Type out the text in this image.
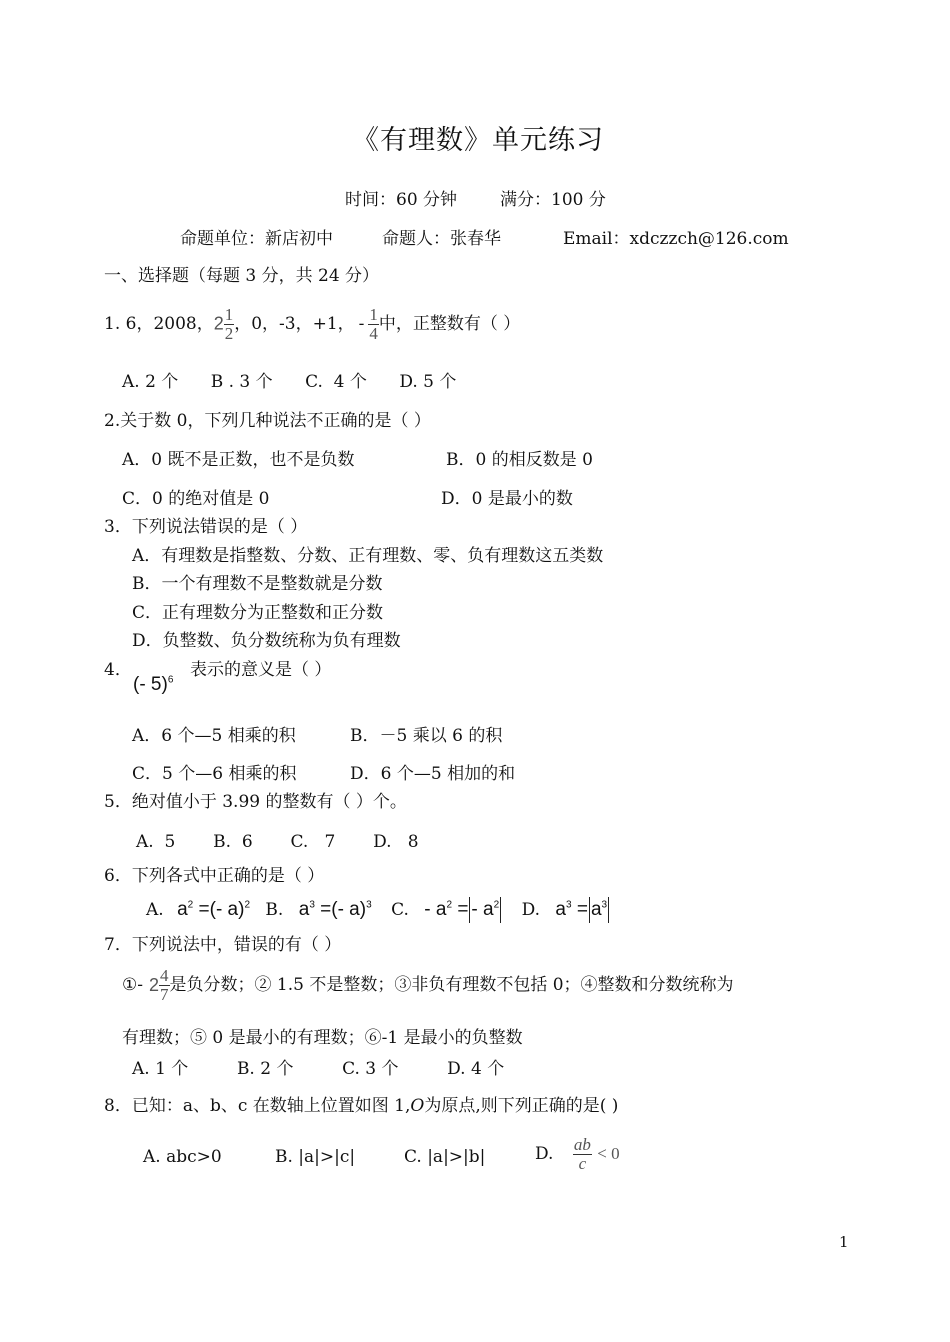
《有理数》单元练习
时间：60 分钟	满分：100 分
命题单位：新店初中	命题人：张春华	Email：xdczzch@126.com
一、选择题（每题 3 分，共 24 分）
1. 6，2008，$2 \frac{1}{2}$ ，0，-3，+1， - $\frac{1}{4}$ 中，正整数有（ ）
A. 2 个      B . 3 个      C.  4 个      D. 5 个
2.关于数 0，下列几种说法不正确的是（ ）
A．0 既不是正数，也不是负数	B．0 的相反数是 0
C．0 的绝对值是 0	D．0 是最小的数
3．下列说法错误的是（ ）
A．有理数是指整数、分数、正有理数、零、负有理数这五类数
B．一个有理数不是整数就是分数
C．正有理数分为正整数和正分数
D．负整数、负分数统称为负有理数
4．
(- 5)$^6$
表示的意义是（ ）
A．6 个—5 相乘的积	B．－5 乘以 6 的积
C．5 个—6 相乘的积	D．6 个—5 相加的和
5．绝对值小于 3.99 的整数有（ ）个。
A.  5       B.  6       C.   7       D.   8
6．下列各式中正确的是（ ）
A. $a^2$ =(- a)$^2$ B. $a^3$ =(- a)$^3$ C. - $a^2$ = - $a^2$ D. $a^3 = a^3$
7．下列说法中，错误的有（ ）
①- $2 \frac{4}{7}$ 是负分数；② 1.5 不是整数；③非负有理数不包括 0；④整数和分数统称为
有理数；⑤ 0 是最小的有理数；⑥-1 是最小的负整数
A. 1 个         B. 2 个         C. 3 个         D. 4 个
8．已知：a、b、c 在数轴上位置如图 1,O为原点,则下列正确的是( )
A. abc>0	B. |a|>|c|	C. |a|>|b|	D. $\frac{ab}{c} < 0$
1
